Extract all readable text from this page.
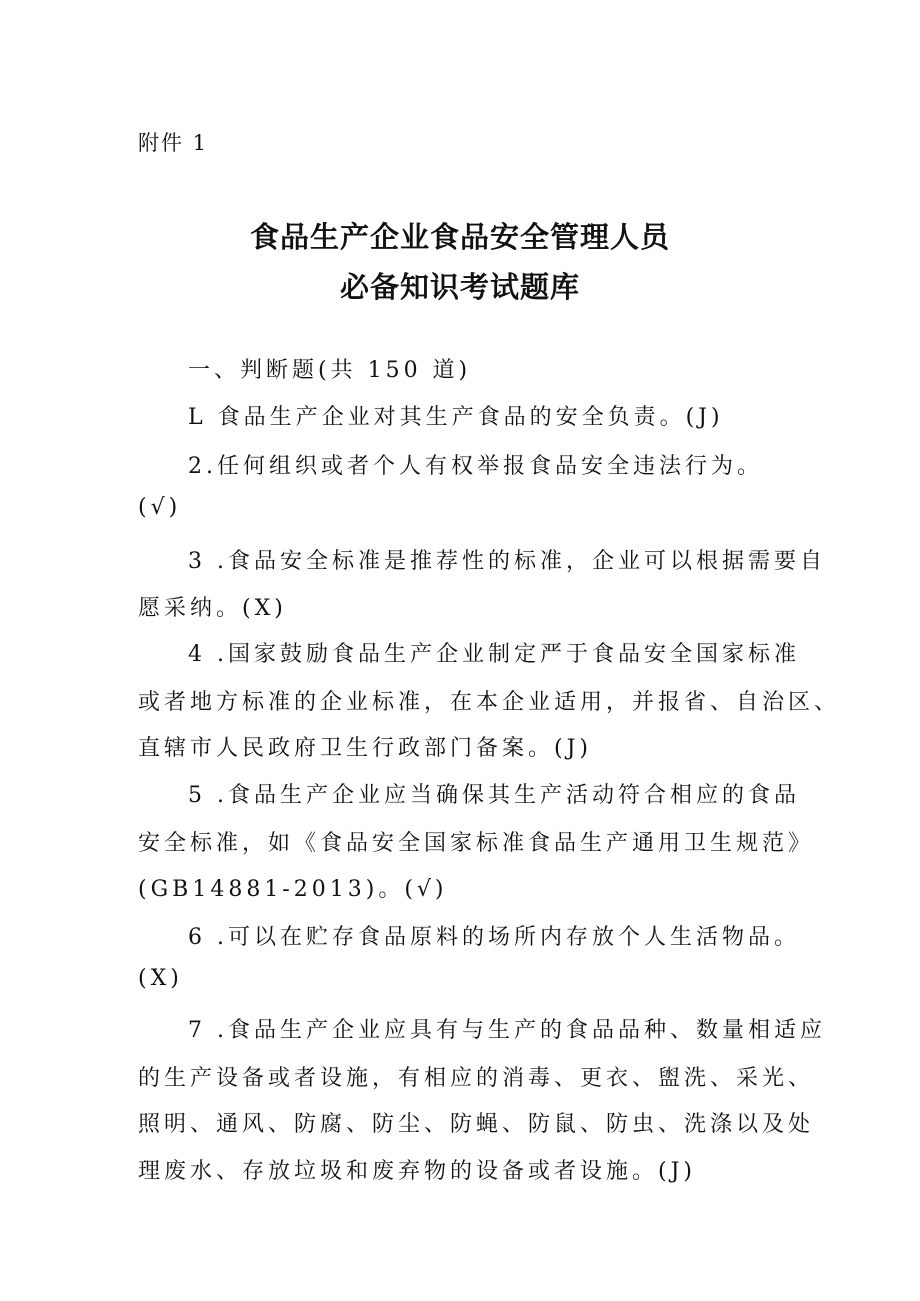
附件 1
食品生产企业食品安全管理人员
必备知识考试题库
一、判断题(共 150 道)
L 食品生产企业对其生产食品的安全负责。(J)
2.任何组织或者个人有权举报食品安全违法行为。
(√)
3 .食品安全标准是推荐性的标准，企业可以根据需要自
愿采纳。(X)
4 .国家鼓励食品生产企业制定严于食品安全国家标准
或者地方标准的企业标准，在本企业适用，并报省、自治区、
直辖市人民政府卫生行政部门备案。(J)
5 .食品生产企业应当确保其生产活动符合相应的食品
安全标准，如《食品安全国家标准食品生产通用卫生规范》
(GB14881-2013)。(√)
6 .可以在贮存食品原料的场所内存放个人生活物品。
(X)
7 .食品生产企业应具有与生产的食品品种、数量相适应
的生产设备或者设施，有相应的消毒、更衣、盥洗、采光、
照明、通风、防腐、防尘、防蝇、防鼠、防虫、洗涤以及处
理废水、存放垃圾和废弃物的设备或者设施。(J)
